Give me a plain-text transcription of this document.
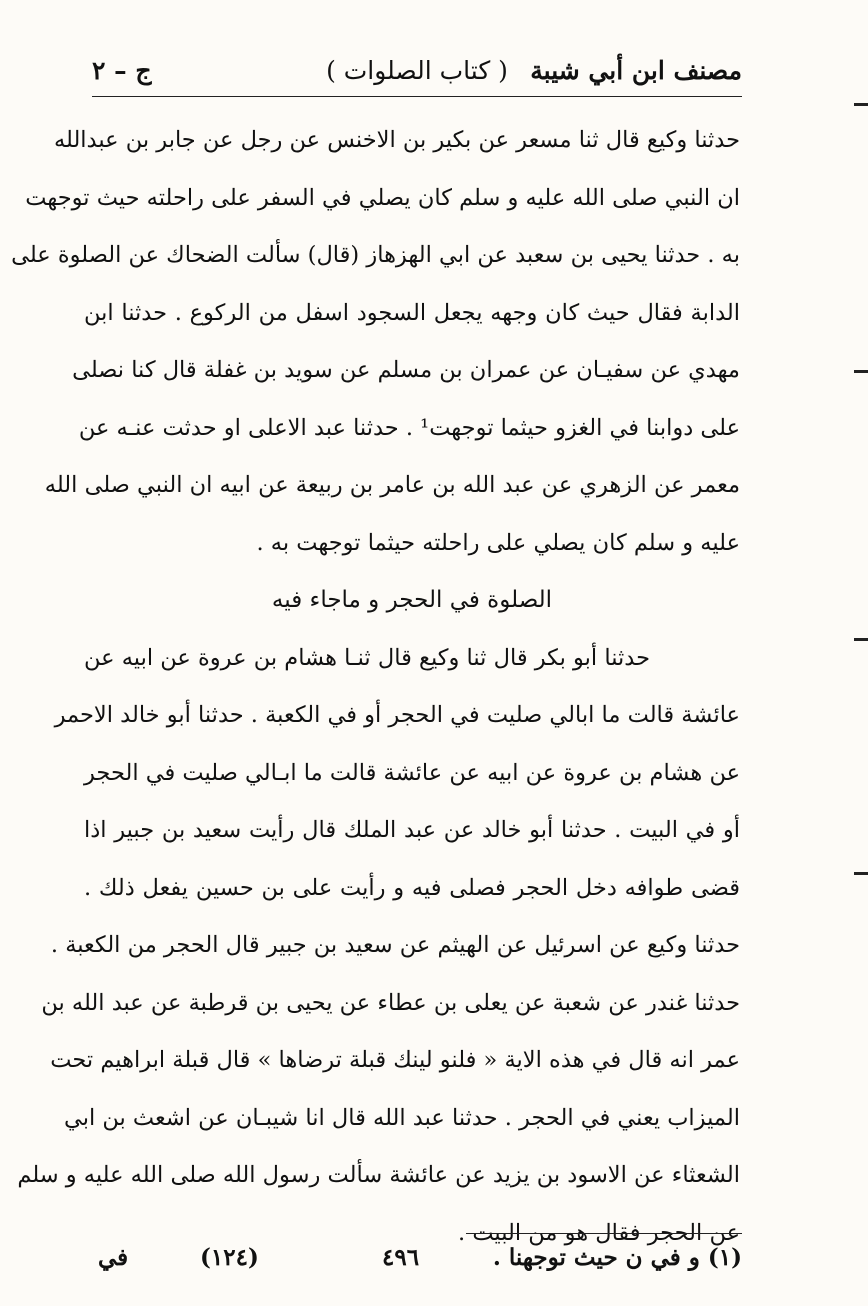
مصنف ابن أبي شيبة
( كتاب الصلوات )
ج – ٢
حدثنا وكيع قال ثنا مسعر عن بكير بن الاخنس عن رجل عن جابر بن عبدالله
ان النبي صلى الله عليه و سلم كان يصلي في السفر على راحلته حيث توجهت
به . حدثنا يحيى بن سعبد عن ابي الهزهاز (قال) سألت الضحاك عن الصلوة على
الدابة فقال حيث كان وجهه يجعل السجود اسفل من الركوع . حدثنا ابن
مهدي عن سفيـان عن عمران بن مسلم عن سويد بن غفلة قال كنا نصلى
على دوابنا في الغزو حيثما توجهت¹ . حدثنا عبد الاعلى او حدثت عنـه عن
معمر عن الزهري عن عبد الله بن عامر بن ربيعة عن ابيه ان النبي صلى الله
عليه و سلم كان يصلي على راحلته حيثما توجهت به .
الصلوة في الحجر و ماجاء فيه
حدثنا أبو بكر قال ثنا وكيع قال ثنـا هشام بن عروة عن ابيه عن
عائشة قالت ما ابالي صليت في الحجر أو في الكعبة . حدثنا أبو خالد الاحمر
عن هشام بن عروة عن ابيه عن عائشة قالت ما ابـالي صليت في الحجر
أو في البيت . حدثنا أبو خالد عن عبد الملك قال رأيت سعيد بن جبير اذا
قضى طوافه دخل الحجر فصلى فيه و رأيت على بن حسين يفعل ذلك .
حدثنا وكيع عن اسرئيل عن الهيثم عن سعيد بن جبير قال الحجر من الكعبة .
حدثنا غندر عن شعبة عن يعلى بن عطاء عن يحيى بن قرطبة عن عبد الله بن
عمر انه قال في هذه الاية « فلنو لينك قبلة ترضاها » قال قبلة ابراهيم تحت
الميزاب يعني في الحجر . حدثنا عبد الله قال انا شيبـان عن اشعث بن ابي
الشعثاء عن الاسود بن يزيد عن عائشة سألت رسول الله صلى الله عليه و سلم
عن الحجر فقال هو من البيت .
(١) و في ن حيث توجهنا .
٤٩٦
(١٢٤)
في
